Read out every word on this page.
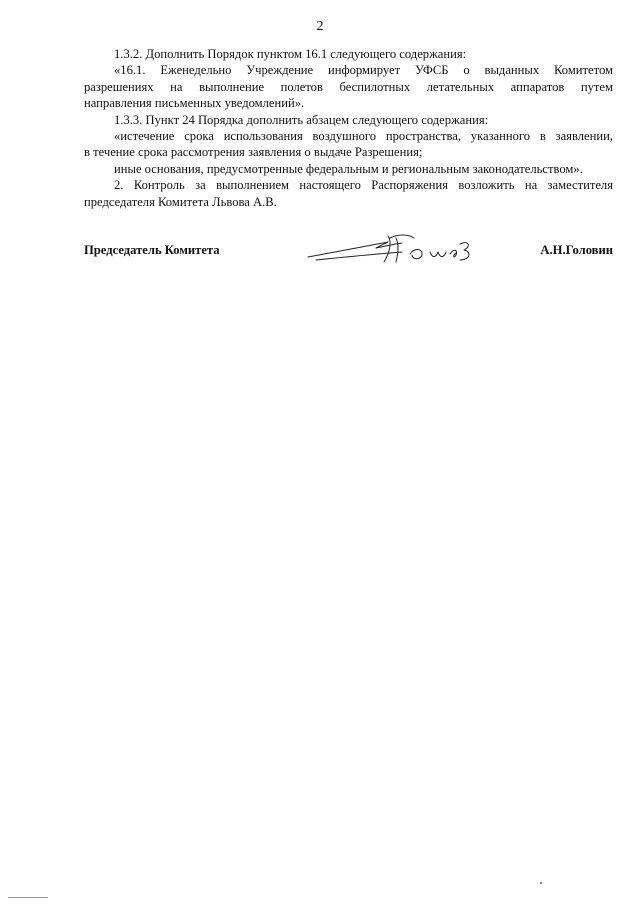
2

1.3.2. Дополнить Порядок пунктом 16.1 следующего содержания:

«16.1. Еженедельно Учреждение информирует УФСБ о выданных Комитетом

разрешениях на выполнение полетов беспилотных летательных аппаратов путем

направления письменных уведомлений».

1.3.3. Пункт 24 Порядка дополнить абзацем следующего содержания:

«истечение срока использования воздушного пространства, указанного в заявлении,

в течение срока рассмотрения заявления о выдаче Разрешения;

иные основания, предусмотренные федеральным и региональным законодательством».

2. Контроль за выполнением настоящего Распоряжения возложить на заместителя

председателя Комитета Львова А.В.

Председатель Комитета	А.Н.Головин
